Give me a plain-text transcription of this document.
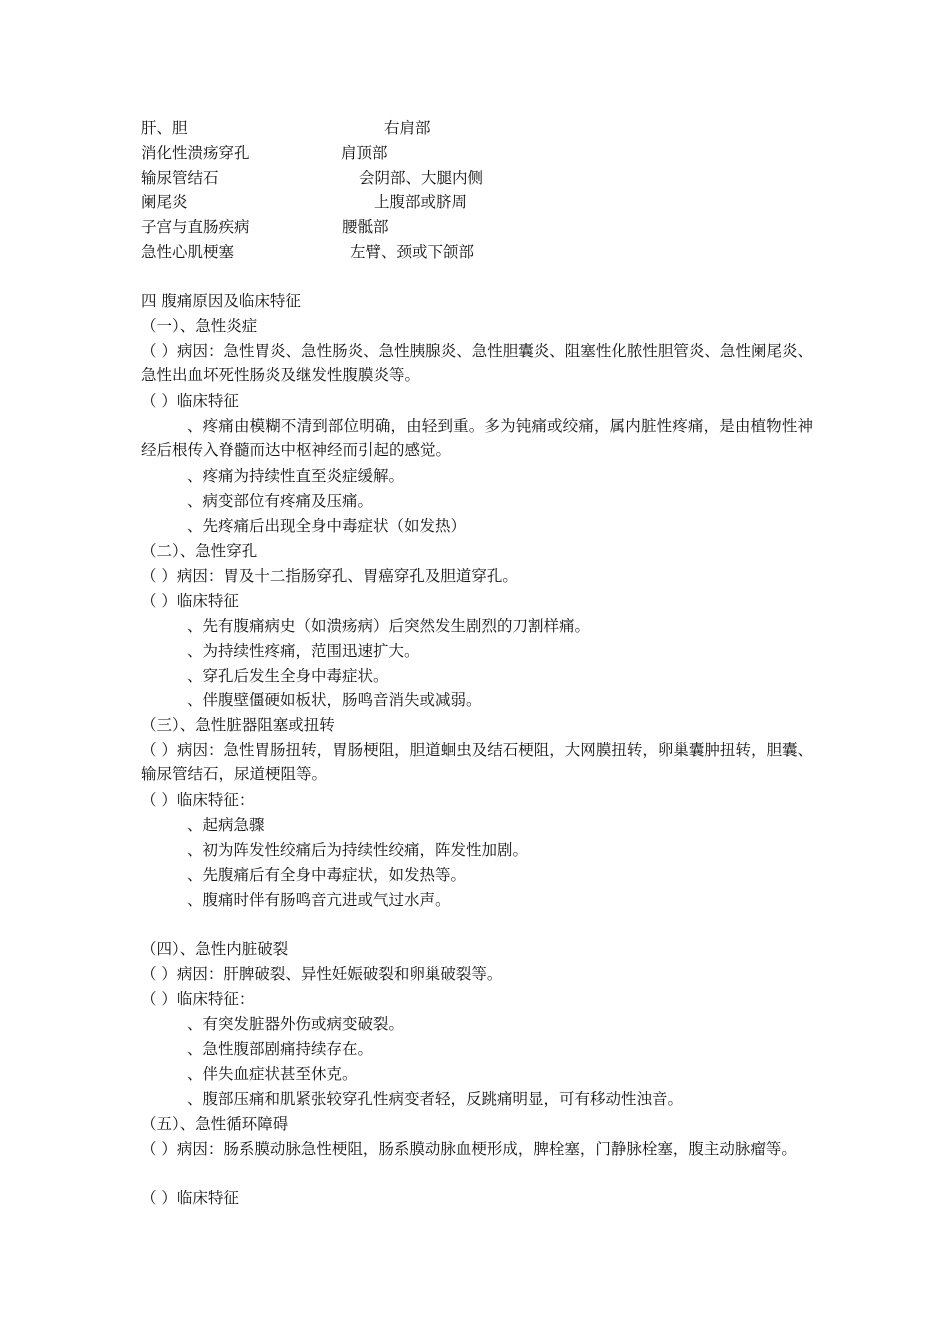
肝、胆	右肩部
消化性溃疡穿孔	肩顶部
输尿管结石	会阴部、大腿内侧
阑尾炎	上腹部或脐周
子宫与直肠疾病	腰骶部
急性心肌梗塞	左臂、颈或下颌部
四 腹痛原因及临床特征
（一）、急性炎症
（ ）病因：急性胃炎、急性肠炎、急性胰腺炎、急性胆囊炎、阻塞性化脓性胆管炎、急性阑尾炎、急性出血坏死性肠炎及继发性腹膜炎等。
（ ）临床特征
、疼痛由模糊不清到部位明确，由轻到重。多为钝痛或绞痛，属内脏性疼痛，是由植物性神经后根传入脊髓而达中枢神经而引起的感觉。
、疼痛为持续性直至炎症缓解。
、病变部位有疼痛及压痛。
、先疼痛后出现全身中毒症状（如发热）
（二）、急性穿孔
（ ）病因：胃及十二指肠穿孔、胃癌穿孔及胆道穿孔。
（ ）临床特征
、先有腹痛病史（如溃疡病）后突然发生剧烈的刀割样痛。
、为持续性疼痛，范围迅速扩大。
、穿孔后发生全身中毒症状。
、伴腹壁僵硬如板状，肠鸣音消失或减弱。
（三）、急性脏器阻塞或扭转
（ ）病因：急性胃肠扭转，胃肠梗阻，胆道蛔虫及结石梗阻，大网膜扭转，卵巢囊肿扭转，胆囊、输尿管结石，尿道梗阻等。
（ ）临床特征：
、起病急骤
、初为阵发性绞痛后为持续性绞痛，阵发性加剧。
、先腹痛后有全身中毒症状，如发热等。
、腹痛时伴有肠鸣音亢进或气过水声。
（四）、急性内脏破裂
（ ）病因：肝脾破裂、异性妊娠破裂和卵巢破裂等。
（ ）临床特征：
、有突发脏器外伤或病变破裂。
、急性腹部剧痛持续存在。
、伴失血症状甚至休克。
、腹部压痛和肌紧张较穿孔性病变者轻，反跳痛明显，可有移动性浊音。
（五）、急性循环障碍
（ ）病因：肠系膜动脉急性梗阻，肠系膜动脉血梗形成，脾栓塞，门静脉栓塞，腹主动脉瘤等。
（ ）临床特征
